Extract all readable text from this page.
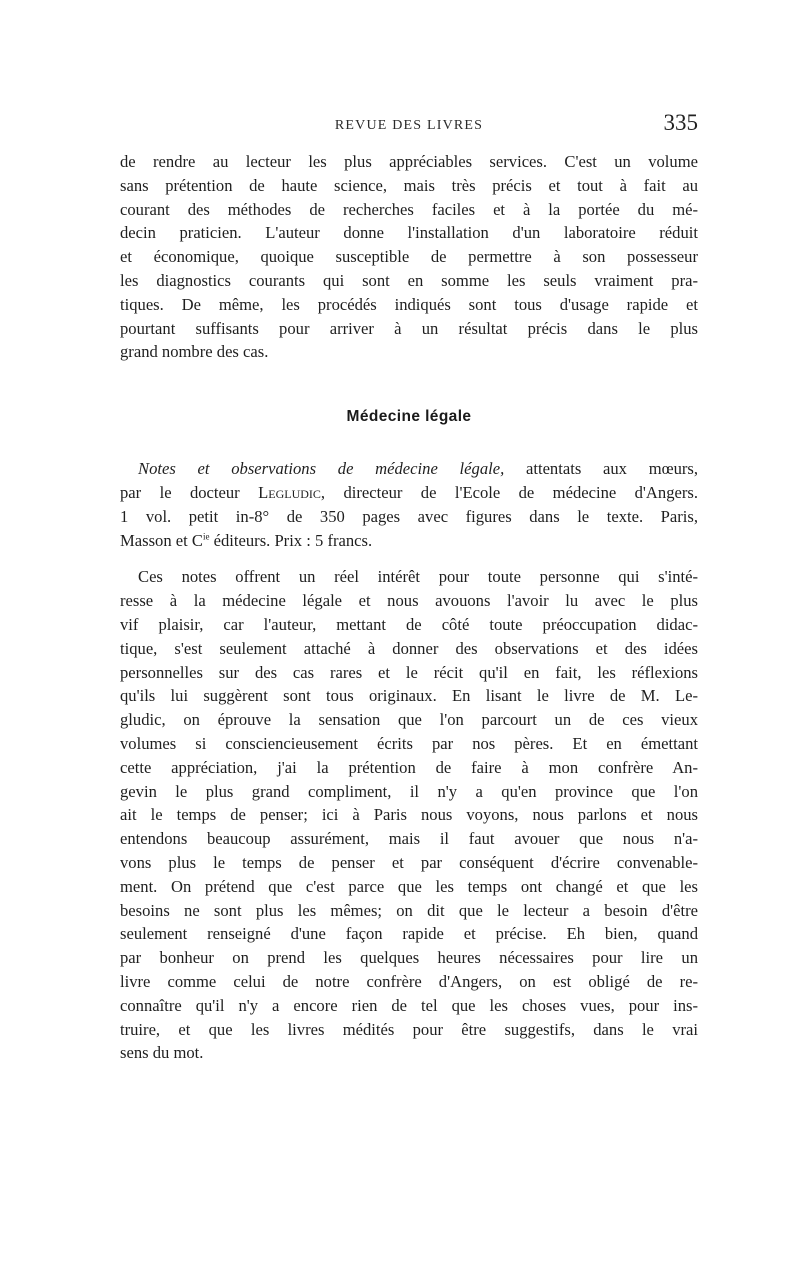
REVUE DES LIVRES	335

de rendre au lecteur les plus appréciables services. C'est un volume
sans prétention de haute science, mais très précis et tout à fait au
courant des méthodes de recherches faciles et à la portée du mé-
decin praticien. L'auteur donne l'installation d'un laboratoire réduit
et économique, quoique susceptible de permettre à son possesseur
les diagnostics courants qui sont en somme les seuls vraiment pra-
tiques. De même, les procédés indiqués sont tous d'usage rapide et
pourtant suffisants pour arriver à un résultat précis dans le plus
grand nombre des cas.

Médecine légale

Notes et observations de médecine légale, attentats aux mœurs,
par le docteur Legludic, directeur de l'Ecole de médecine d'Angers.
1 vol. petit in-8° de 350 pages avec figures dans le texte. Paris,
Masson et $C^{ie}$ éditeurs. Prix : 5 francs.

Ces notes offrent un réel intérêt pour toute personne qui s'inté-
resse à la médecine légale et nous avouons l'avoir lu avec le plus
vif plaisir, car l'auteur, mettant de côté toute préoccupation didac-
tique, s'est seulement attaché à donner des observations et des idées
personnelles sur des cas rares et le récit qu'il en fait, les réflexions
qu'ils lui suggèrent sont tous originaux. En lisant le livre de M. Le-
gludic, on éprouve la sensation que l'on parcourt un de ces vieux
volumes si consciencieusement écrits par nos pères. Et en émettant
cette appréciation, j'ai la prétention de faire à mon confrère An-
gevin le plus grand compliment, il n'y a qu'en province que l'on
ait le temps de penser; ici à Paris nous voyons, nous parlons et nous
entendons beaucoup assurément, mais il faut avouer que nous n'a-
vons plus le temps de penser et par conséquent d'écrire convenable-
ment. On prétend que c'est parce que les temps ont changé et que les
besoins ne sont plus les mêmes; on dit que le lecteur a besoin d'être
seulement renseigné d'une façon rapide et précise. Eh bien, quand
par bonheur on prend les quelques heures nécessaires pour lire un
livre comme celui de notre confrère d'Angers, on est obligé de re-
connaître qu'il n'y a encore rien de tel que les choses vues, pour ins-
truire, et que les livres médités pour être suggestifs, dans le vrai
sens du mot.
